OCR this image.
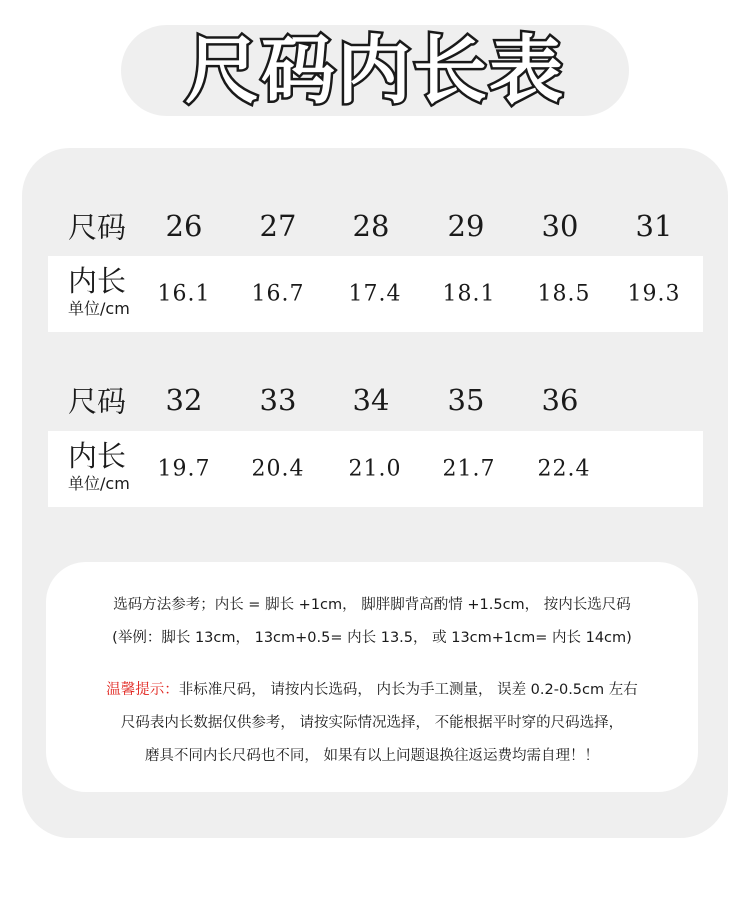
尺码内长表
尺码 26 27 28 29 30 31
内长
单位/cm
16.1 16.7 17.4 18.1 18.5 19.3
尺码 32 33 34 35 36
内长
单位/cm
19.7 20.4 21.0 21.7 22.4
选码方法参考；内长 = 脚长 +1cm， 脚胖脚背高酌情 +1.5cm， 按内长选尺码
(举例：脚长 13cm， 13cm+0.5= 内长 13.5， 或 13cm+1cm= 内长 14cm)
温馨提示：非标准尺码， 请按内长选码， 内长为手工测量， 误差 0.2-0.5cm 左右
尺码表内长数据仅供参考， 请按实际情况选择， 不能根据平时穿的尺码选择，
磨具不同内长尺码也不同， 如果有以上问题退换往返运费均需自理！！
